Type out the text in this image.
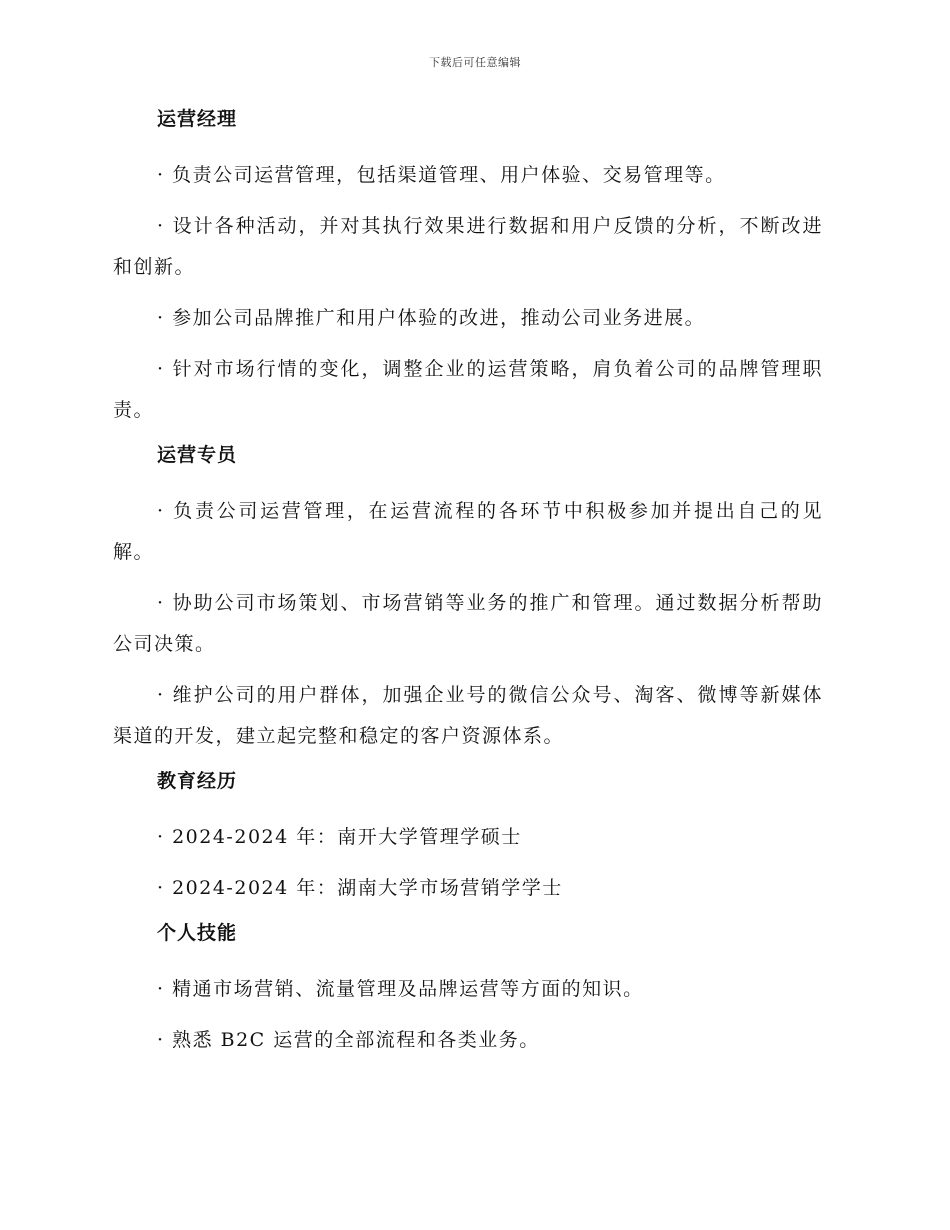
下载后可任意编辑
运营经理

· 负责公司运营管理，包括渠道管理、用户体验、交易管理等。

· 设计各种活动，并对其执行效果进行数据和用户反馈的分析，不断改进和创新。

· 参加公司品牌推广和用户体验的改进，推动公司业务进展。

· 针对市场行情的变化，调整企业的运营策略，肩负着公司的品牌管理职责。

运营专员

· 负责公司运营管理，在运营流程的各环节中积极参加并提出自己的见解。

· 协助公司市场策划、市场营销等业务的推广和管理。通过数据分析帮助公司决策。

· 维护公司的用户群体，加强企业号的微信公众号、淘客、微博等新媒体渠道的开发，建立起完整和稳定的客户资源体系。

教育经历

· 2024-2024 年：南开大学管理学硕士

· 2024-2024 年：湖南大学市场营销学学士

个人技能

· 精通市场营销、流量管理及品牌运营等方面的知识。

· 熟悉 B2C 运营的全部流程和各类业务。
